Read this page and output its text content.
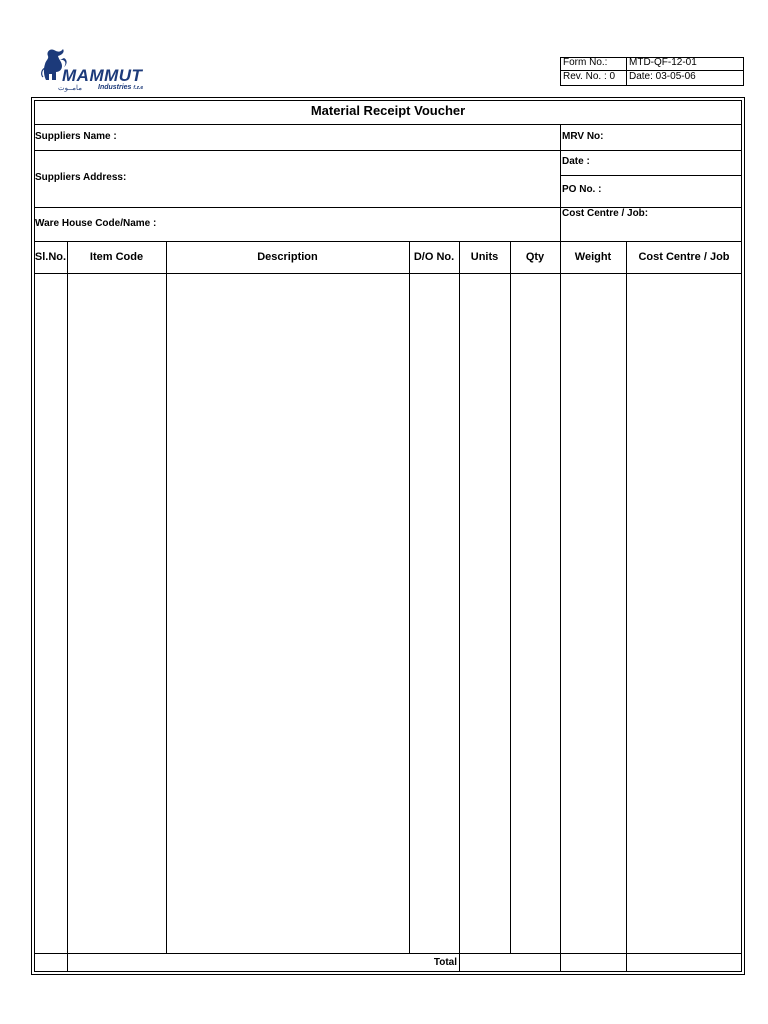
MAMMUT
مامــوت Industries f.z.e
Form No.: MTD-QF-12-01
Rev. No. : 0 Date: 03-05-06
Material Receipt Voucher
Suppliers Name :
Suppliers Address:
Ware House Code/Name :
MRV No:
Date :
PO No. :
Cost Centre / Job:
Sl.No.	Item Code	Description	D/O No.	Units	Qty	Weight	Cost Centre / Job
Total
